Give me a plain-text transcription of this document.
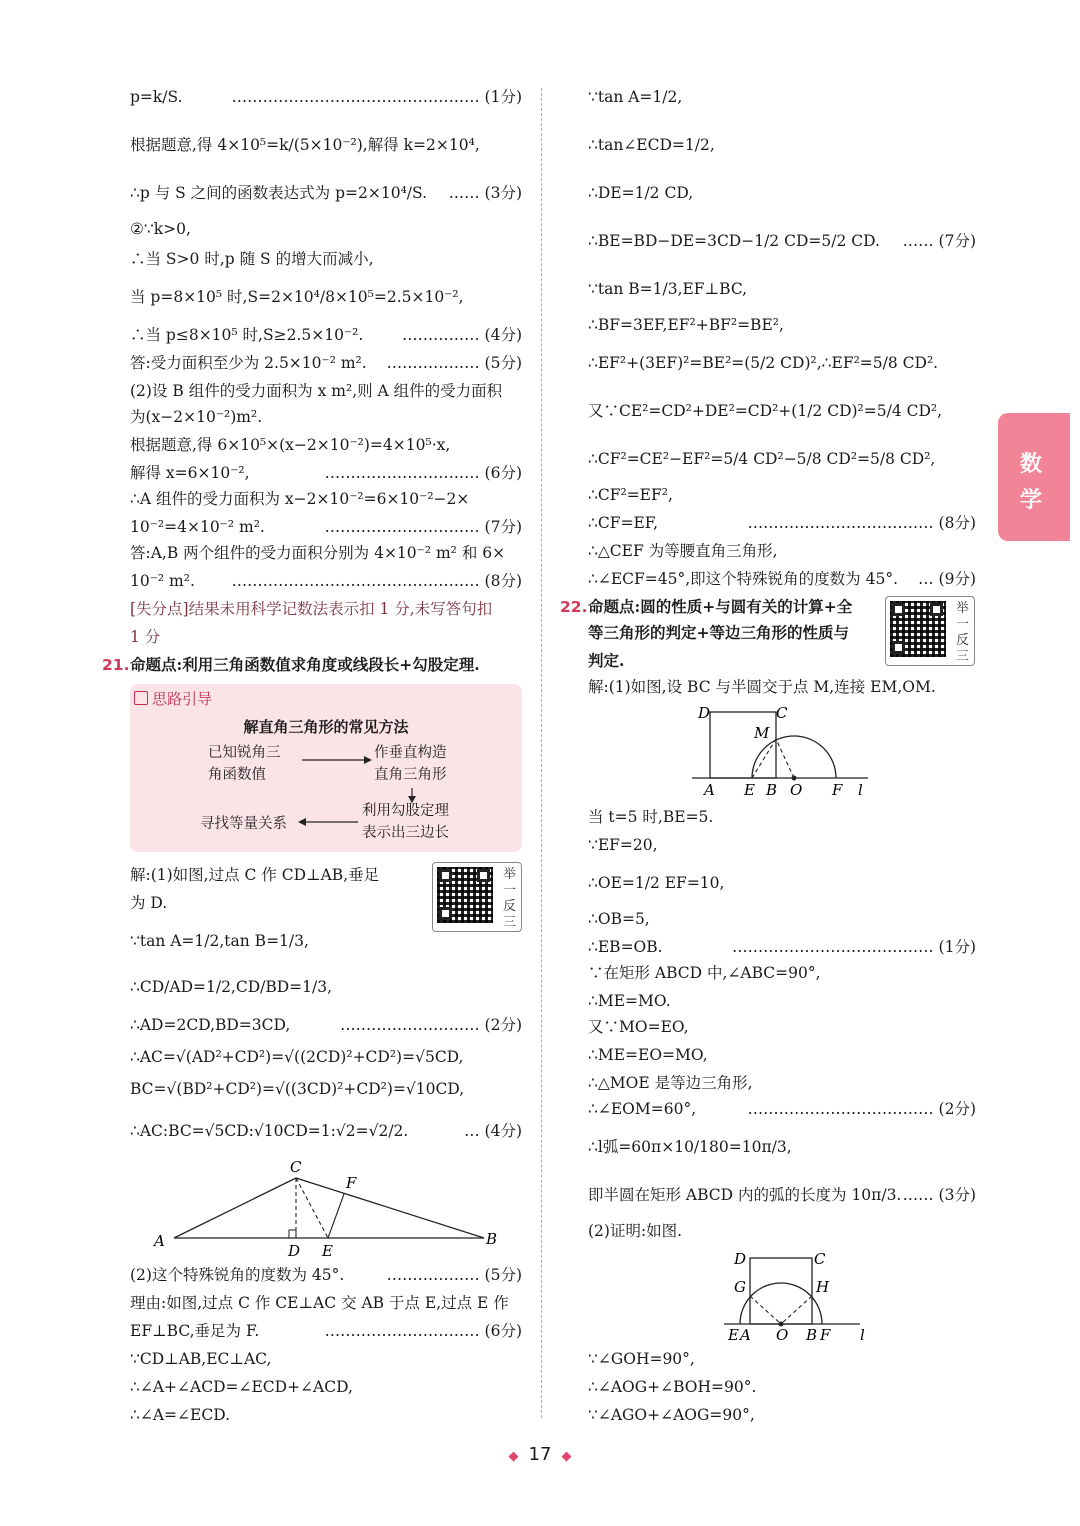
数
学
p=k/S.	………………………………………… (1分)
根据题意,得 4×10⁵=k/(5×10⁻²),解得 k=2×10⁴,
∴p 与 S 之间的函数表达式为 p=2×10⁴/S. …… (3分)
②∵k>0,
∴当 S>0 时,p 随 S 的增大而减小,
当 p=8×10⁵ 时,S=2×10⁴/8×10⁵=2.5×10⁻²,
∴当 p≤8×10⁵ 时,S≥2.5×10⁻².	…………… (4分)
答:受力面积至少为 2.5×10⁻² m². ……………… (5分)
(2)设 B 组件的受力面积为 x m²,则 A 组件的受力面积
为(x−2×10⁻²)m².
根据题意,得 6×10⁵×(x−2×10⁻²)=4×10⁵·x,
解得 x=6×10⁻²,	………………………… (6分)
∴A 组件的受力面积为 x−2×10⁻²=6×10⁻²−2×
10⁻²=4×10⁻² m².	………………………… (7分)
答:A,B 两个组件的受力面积分别为 4×10⁻² m² 和 6×
10⁻² m². ………………………………………… (8分)
[失分点]结果未用科学记数法表示扣 1 分,未写答句扣
1 分
21. 命题点:利用三角函数值求角度或线段长+勾股定理.
思路引导
解直角三角形的常见方法
已知锐角三
角函数值
作垂直构造
直角三角形
利用勾股定理
表示出三边长
寻找等量关系
举
一
反
三
解:(1)如图,过点 C 作 CD⊥AB,垂足
为 D.
∵tan A=1/2,tan B=1/3,
∴CD/AD=1/2,CD/BD=1/3,
∴AD=2CD,BD=3CD,	……………………… (2分)
∴AC=√(AD²+CD²)=√((2CD)²+CD²)=√5CD,
BC=√(BD²+CD²)=√((3CD)²+CD²)=√10CD,
∴AC:BC=√5CD:√10CD=1:√2=√2/2.	… (4分)
C
F
A
D E
B
(2)这个特殊锐角的度数为 45°.	……………… (5分)
理由:如图,过点 C 作 CE⊥AC 交 AB 于点 E,过点 E 作
EF⊥BC,垂足为 F.	………………………… (6分)
∵CD⊥AB,EC⊥AC,
∴∠A+∠ACD=∠ECD+∠ACD,
∴∠A=∠ECD.
∵tan A=1/2,
∴tan∠ECD=1/2,
∴DE=1/2 CD,
∴BE=BD−DE=3CD−1/2 CD=5/2 CD. …… (7分)
∵tan B=1/3,EF⊥BC,
∴BF=3EF,EF²+BF²=BE²,
∴EF²+(3EF)²=BE²=(5/2 CD)²,∴EF²=5/8 CD².
又∵CE²=CD²+DE²=CD²+(1/2 CD)²=5/4 CD²,
∴CF²=CE²−EF²=5/4 CD²−5/8 CD²=5/8 CD²,
∴CF²=EF²,
∴CF=EF,	……………………………… (8分)
∴△CEF 为等腰直角三角形,
∴∠ECF=45°,即这个特殊锐角的度数为 45°. … (9分)
22. 命题点:圆的性质+与圆有关的计算+全
等三角形的判定+等边三角形的性质与
判定.
解:(1)如图,设 BC 与半圆交于点 M,连接 EM,OM.
举
一
反
三
D	C
M
A E B O F l
当 t=5 时,BE=5.
∵EF=20,
∴OE=1/2 EF=10,
∴OB=5,
∴EB=OB.	………………………………… (1分)
∵在矩形 ABCD 中,∠ABC=90°,
∴ME=MO.
又∵MO=EO,
∴ME=EO=MO,
∴△MOE 是等边三角形,
∴∠EOM=60°,	……………………………… (2分)
∴l弧=60π×10/180=10π/3,
即半圆在矩形 ABCD 内的弧的长度为 10π/3. …… (3分)
(2)证明:如图.
D	C
G	H
E A O B F l
∵∠GOH=90°,
∴∠AOG+∠BOH=90°.
∵∠AGO+∠AOG=90°,
◆ 17 ◆
